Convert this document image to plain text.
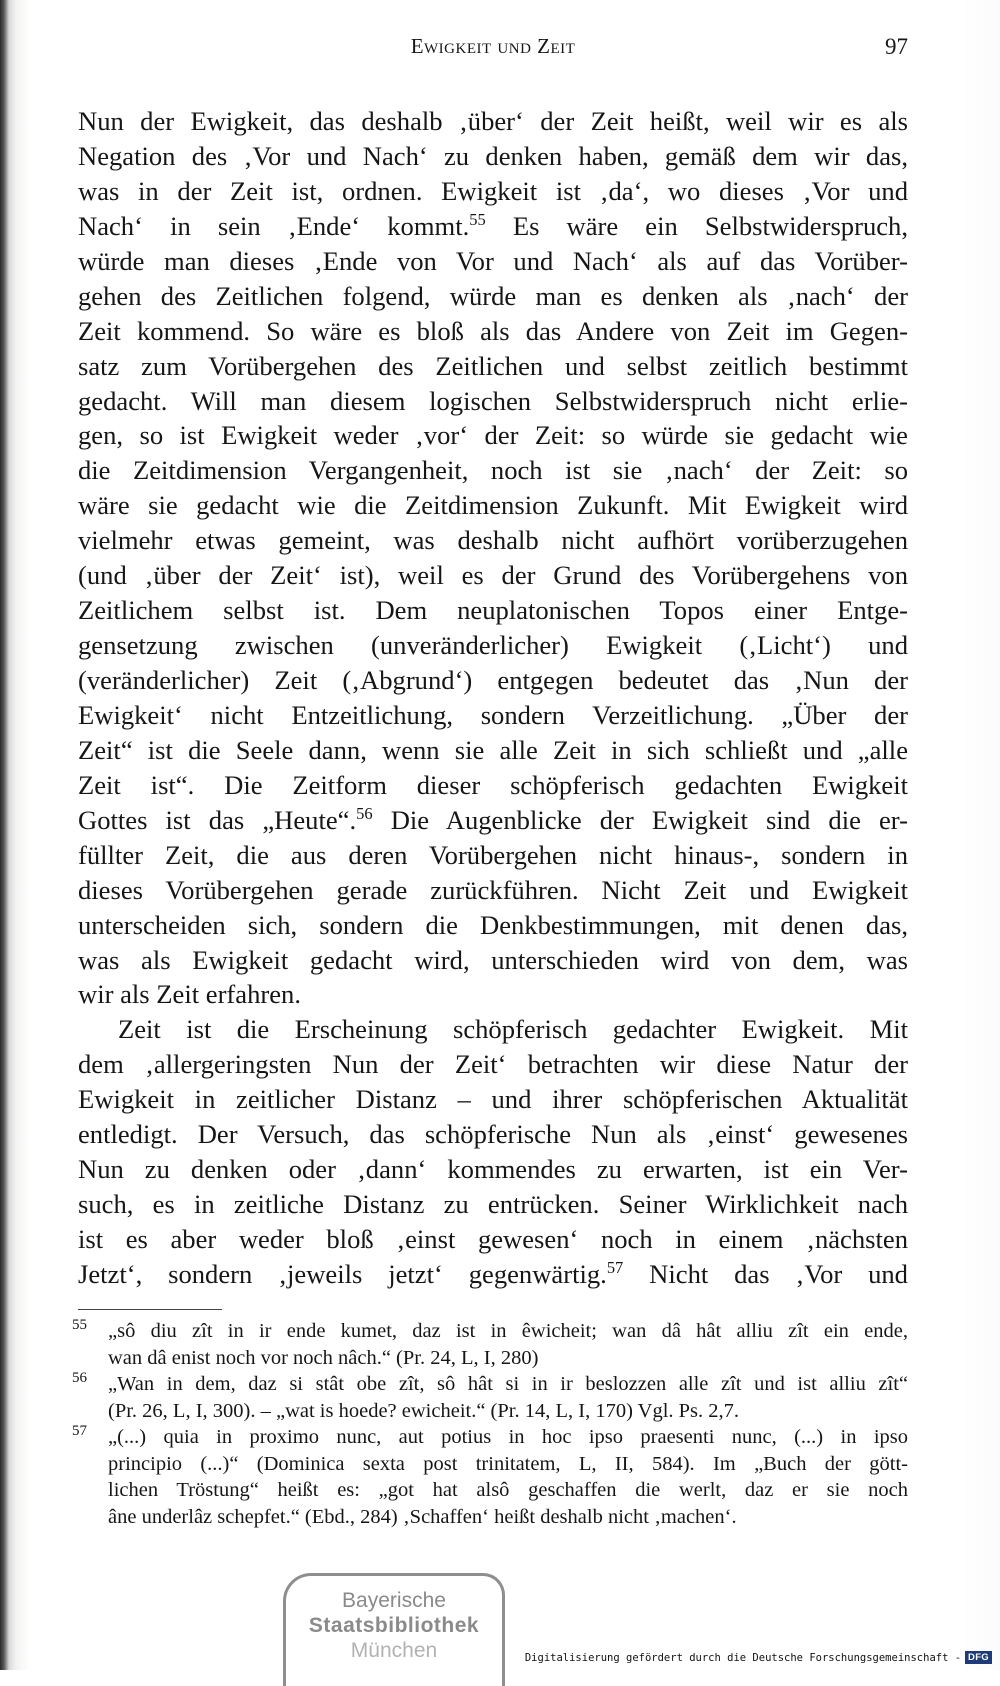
Ewigkeit und Zeit	97
Nun der Ewigkeit, das deshalb ‚über‘ der Zeit heißt, weil wir es als
Negation des ‚Vor und Nach‘ zu denken haben, gemäß dem wir das,
was in der Zeit ist, ordnen. Ewigkeit ist ‚da‘, wo dieses ‚Vor und
Nach‘ in sein ‚Ende‘ kommt.$^{55}$ Es wäre ein Selbstwiderspruch,
würde man dieses ‚Ende von Vor und Nach‘ als auf das Vorüber-
gehen des Zeitlichen folgend, würde man es denken als ‚nach‘ der
Zeit kommend. So wäre es bloß als das Andere von Zeit im Gegen-
satz zum Vorübergehen des Zeitlichen und selbst zeitlich bestimmt
gedacht. Will man diesem logischen Selbstwiderspruch nicht erlie-
gen, so ist Ewigkeit weder ‚vor‘ der Zeit: so würde sie gedacht wie
die Zeitdimension Vergangenheit, noch ist sie ‚nach‘ der Zeit: so
wäre sie gedacht wie die Zeitdimension Zukunft. Mit Ewigkeit wird
vielmehr etwas gemeint, was deshalb nicht aufhört vorüberzugehen
(und ‚über der Zeit‘ ist), weil es der Grund des Vorübergehens von
Zeitlichem selbst ist. Dem neuplatonischen Topos einer Entge-
gensetzung zwischen (unveränderlicher) Ewigkeit (‚Licht‘) und
(veränderlicher) Zeit (‚Abgrund‘) entgegen bedeutet das ‚Nun der
Ewigkeit‘ nicht Entzeitlichung, sondern Verzeitlichung. „Über der
Zeit“ ist die Seele dann, wenn sie alle Zeit in sich schließt und „alle
Zeit ist“. Die Zeitform dieser schöpferisch gedachten Ewigkeit
Gottes ist das „Heute“.$^{56}$ Die Augenblicke der Ewigkeit sind die er-
füllter Zeit, die aus deren Vorübergehen nicht hinaus-, sondern in
dieses Vorübergehen gerade zurückführen. Nicht Zeit und Ewigkeit
unterscheiden sich, sondern die Denkbestimmungen, mit denen das,
was als Ewigkeit gedacht wird, unterschieden wird von dem, was
wir als Zeit erfahren.
Zeit ist die Erscheinung schöpferisch gedachter Ewigkeit. Mit
dem ‚allergeringsten Nun der Zeit‘ betrachten wir diese Natur der
Ewigkeit in zeitlicher Distanz – und ihrer schöpferischen Aktualität
entledigt. Der Versuch, das schöpferische Nun als ‚einst‘ gewesenes
Nun zu denken oder ‚dann‘ kommendes zu erwarten, ist ein Ver-
such, es in zeitliche Distanz zu entrücken. Seiner Wirklichkeit nach
ist es aber weder bloß ‚einst gewesen‘ noch in einem ‚nächsten
Jetzt‘, sondern ‚jeweils jetzt‘ gegenwärtig.$^{57}$ Nicht das ‚Vor und
55 „sô diu zît in ir ende kumet, daz ist in êwicheit; wan dâ hât alliu zît ein ende,
wan dâ enist noch vor noch nâch.“ (Pr. 24, L, I, 280)
56 „Wan in dem, daz si stât obe zît, sô hât si in ir beslozzen alle zît und ist alliu zît“
(Pr. 26, L, I, 300). – „wat is hoede? ewicheit.“ (Pr. 14, L, I, 170) Vgl. Ps. 2,7.
57 „(...) quia in proximo nunc, aut potius in hoc ipso praesenti nunc, (...) in ipso
principio (...)“ (Dominica sexta post trinitatem, L, II, 584). Im „Buch der gött-
lichen Tröstung“ heißt es: „got hat alsô geschaffen die werlt, daz er sie noch
âne underlâz schepfet.“ (Ebd., 284) ‚Schaffen‘ heißt deshalb nicht ‚machen‘.
Bayerische
Staatsbibliothek
München	Digitalisierung gefördert durch die Deutsche Forschungsgemeinschaft - DFG
